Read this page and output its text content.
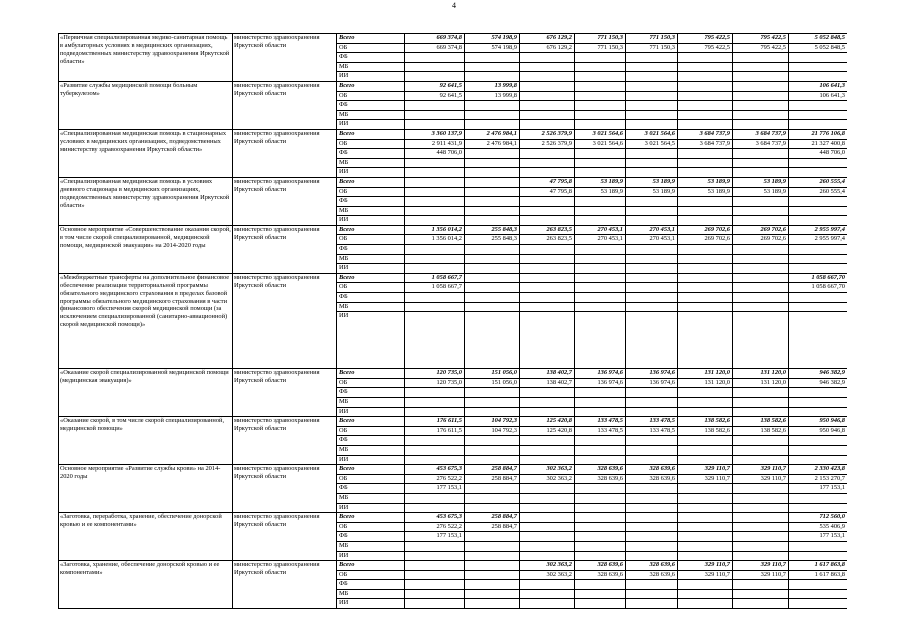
4
«Первичная специализированная медико-санитарная помощь в амбулаторных условиях в медицинских организациях, подведомственных министерству здравоохранения Иркутской области»	министерство здравоохранения Иркутской области	Всего	669 374,8	574 198,9	676 129,2	771 150,3	771 150,3	795 422,5	795 422,5	5 052 848,5
		ОБ	669 374,8	574 198,9	676 129,2	771 150,3	771 150,3	795 422,5	795 422,5	5 052 848,5
		ФБ								
		МБ								
		ИИ								
«Развитие службы медицинской помощи больным туберкулезом»	министерство здравоохранения Иркутской области	Всего	92 641,5	13 999,8						106 641,3
		ОБ	92 641,5	13 999,8						106 641,3
		ФБ								
		МБ								
		ИИ								
«Специализированная медицинская помощь в стационарных условиях в медицинских организациях, подведомственных министерству здравоохранения Иркутской области»	министерство здравоохранения Иркутской области	Всего	3 360 137,9	2 476 984,1	2 526 379,9	3 021 564,6	3 021 564,6	3 684 737,9	3 684 737,9	21 776 106,8
		ОБ	2 911 431,9	2 476 984,1	2 526 379,9	3 021 564,6	3 021 564,5	3 684 737,9	3 684 737,9	21 327 400,8
		ФБ	448 706,0							448 706,0
		МБ								
		ИИ								
«Специализированная медицинская помощь в условиях дневного стационара в медицинских организациях, подведомственных министерству здравоохранения Иркутской области»	министерство здравоохранения Иркутской области	Всего			47 795,8	53 189,9	53 189,9	53 189,9	53 189,9	260 555,4
		ОБ			47 795,8	53 189,9	53 189,9	53 189,9	53 189,9	260 555,4
		ФБ								
		МБ								
		ИИ								
Основное мероприятие «Совершенствование оказания скорой, в том числе скорой специализированной, медицинской помощи, медицинской эвакуации» на 2014-2020 годы	министерство здравоохранения Иркутской области	Всего	1 356 014,2	255 848,3	263 823,5	270 453,1	270 453,1	269 702,6	269 702,6	2 955 997,4
		ОБ	1 356 014,2	255 848,3	263 823,5	270 453,1	270 453,1	269 702,6	269 702,6	2 955 997,4
		ФБ								
		МБ								
		ИИ								
«Межбюджетные трансферты на дополнительное финансовое обеспечение реализации территориальной программы обязательного медицинского страхования в пределах базовой программы обязательного медицинского страхования в части финансового обеспечения скорой медицинской помощи (за исключением специализированной (санитарно-авиационной) скорой медицинской помощи)»	министерство здравоохранения Иркутской области	Всего	1 058 667,7							1 058 667,70
		ОБ	1 058 667,7							1 058 667,70
		ФБ								
		МБ								
		ИИ								
«Оказание скорой специализированной медицинской помощи (медицинская эвакуация)»	министерство здравоохранения Иркутской области	Всего	120 735,0	151 056,0	138 402,7	136 974,6	136 974,6	131 120,0	131 120,0	946 382,9
		ОБ	120 735,0	151 056,0	138 402,7	136 974,6	136 974,6	131 120,0	131 120,0	946 382,9
		ФБ								
		МБ								
		ИИ								
«Оказание скорой, в том числе скорой специализированной, медицинской помощи»	министерство здравоохранения Иркутской области	Всего	176 611,5	104 792,3	125 420,8	133 478,5	133 478,5	138 582,6	138 582,6	950 946,8
		ОБ	176 611,5	104 792,3	125 420,8	133 478,5	133 478,5	138 582,6	138 582,6	950 946,8
		ФБ								
		МБ								
		ИИ								
Основное мероприятие «Развитие службы крови» на 2014-2020 годы	министерство здравоохранения Иркутской области	Всего	453 675,3	258 884,7	302 363,2	328 639,6	328 639,6	329 110,7	329 110,7	2 330 423,8
		ОБ	276 522,2	258 884,7	302 363,2	328 639,6	328 639,6	329 110,7	329 110,7	2 153 270,7
		ФБ	177 153,1							177 153,1
		МБ								
		ИИ								
«Заготовка, переработка, хранение, обеспечение донорской кровью и ее компонентами»	министерство здравоохранения Иркутской области	Всего	453 675,3	258 884,7						712 560,0
		ОБ	276 522,2	258 884,7						535 406,9
		ФБ	177 153,1							177 153,1
		МБ								
		ИИ								
«Заготовка, хранение, обеспечение донорской кровью и ее компонентами»	министерство здравоохранения Иркутской области	Всего			302 363,2	328 639,6	328 639,6	329 110,7	329 110,7	1 617 863,8
		ОБ			302 363,2	328 639,6	328 639,6	329 110,7	329 110,7	1 617 863,8
		ФБ								
		МБ								
		ИИ								
